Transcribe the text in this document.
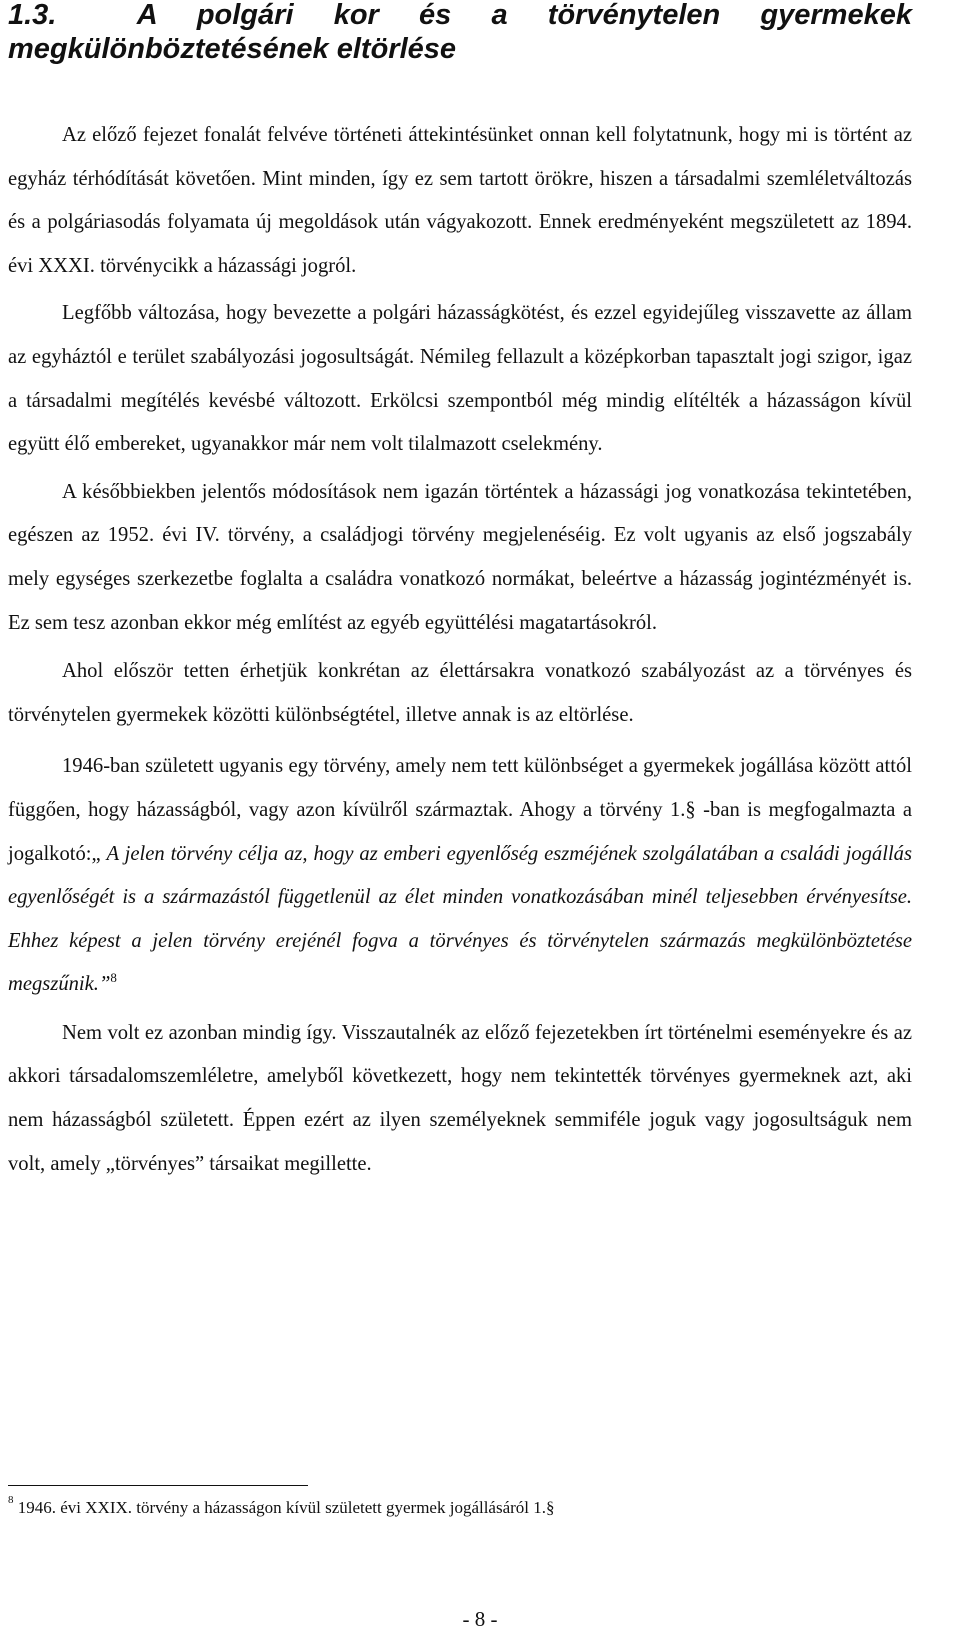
1.3.	A polgári kor és a törvénytelen gyermekek
megkülönböztetésének eltörlése

Az előző fejezet fonalát felvéve történeti áttekintésünket onnan kell folytatnunk, hogy mi is történt az egyház térhódítását követően. Mint minden, így ez sem tartott örökre, hiszen a társadalmi szemléletváltozás és a polgáriasodás folyamata új megoldások után vágyakozott. Ennek eredményeként megszületett az 1894. évi XXXI. törvénycikk a házassági jogról.

Legfőbb változása, hogy bevezette a polgári házasságkötést, és ezzel egyidejűleg visszavette az állam az egyháztól e terület szabályozási jogosultságát. Némileg fellazult a középkorban tapasztalt jogi szigor, igaz a társadalmi megítélés kevésbé változott. Erkölcsi szempontból még mindig elítélték a házasságon kívül együtt élő embereket, ugyanakkor már nem volt tilalmazott cselekmény.

A későbbiekben jelentős módosítások nem igazán történtek a házassági jog vonatkozása tekintetében, egészen az 1952. évi IV. törvény, a családjogi törvény megjelenéséig. Ez volt ugyanis az első jogszabály mely egységes szerkezetbe foglalta a családra vonatkozó normákat, beleértve a házasság jogintézményét is. Ez sem tesz azonban ekkor még említést az egyéb együttélési magatartásokról.

Ahol először tetten érhetjük konkrétan az élettársakra vonatkozó szabályozást az a törvényes és törvénytelen gyermekek közötti különbségtétel, illetve annak is az eltörlése.

1946-ban született ugyanis egy törvény, amely nem tett különbséget a gyermekek jogállása között attól függően, hogy házasságból, vagy azon kívülről származtak. Ahogy a törvény 1.§ -ban is megfogalmazta a jogalkotó:„ A jelen törvény célja az, hogy az emberi egyenlőség eszméjének szolgálatában a családi jogállás egyenlőségét is a származástól függetlenül az élet minden vonatkozásában minél teljesebben érvényesítse. Ehhez képest a jelen törvény erejénél fogva a törvényes és törvénytelen származás megkülönböztetése megszűnik.”$^8$

Nem volt ez azonban mindig így. Visszautalnék az előző fejezetekben írt történelmi eseményekre és az akkori társadalomszemléletre, amelyből következett, hogy nem tekintették törvényes gyermeknek azt, aki nem házasságból született. Éppen ezért az ilyen személyeknek semmiféle joguk vagy jogosultságuk nem volt, amely „törvényes” társaikat megillette.

$^8$ 1946. évi XXIX. törvény a házasságon kívül született gyermek jogállásáról 1.§
- 8 -
